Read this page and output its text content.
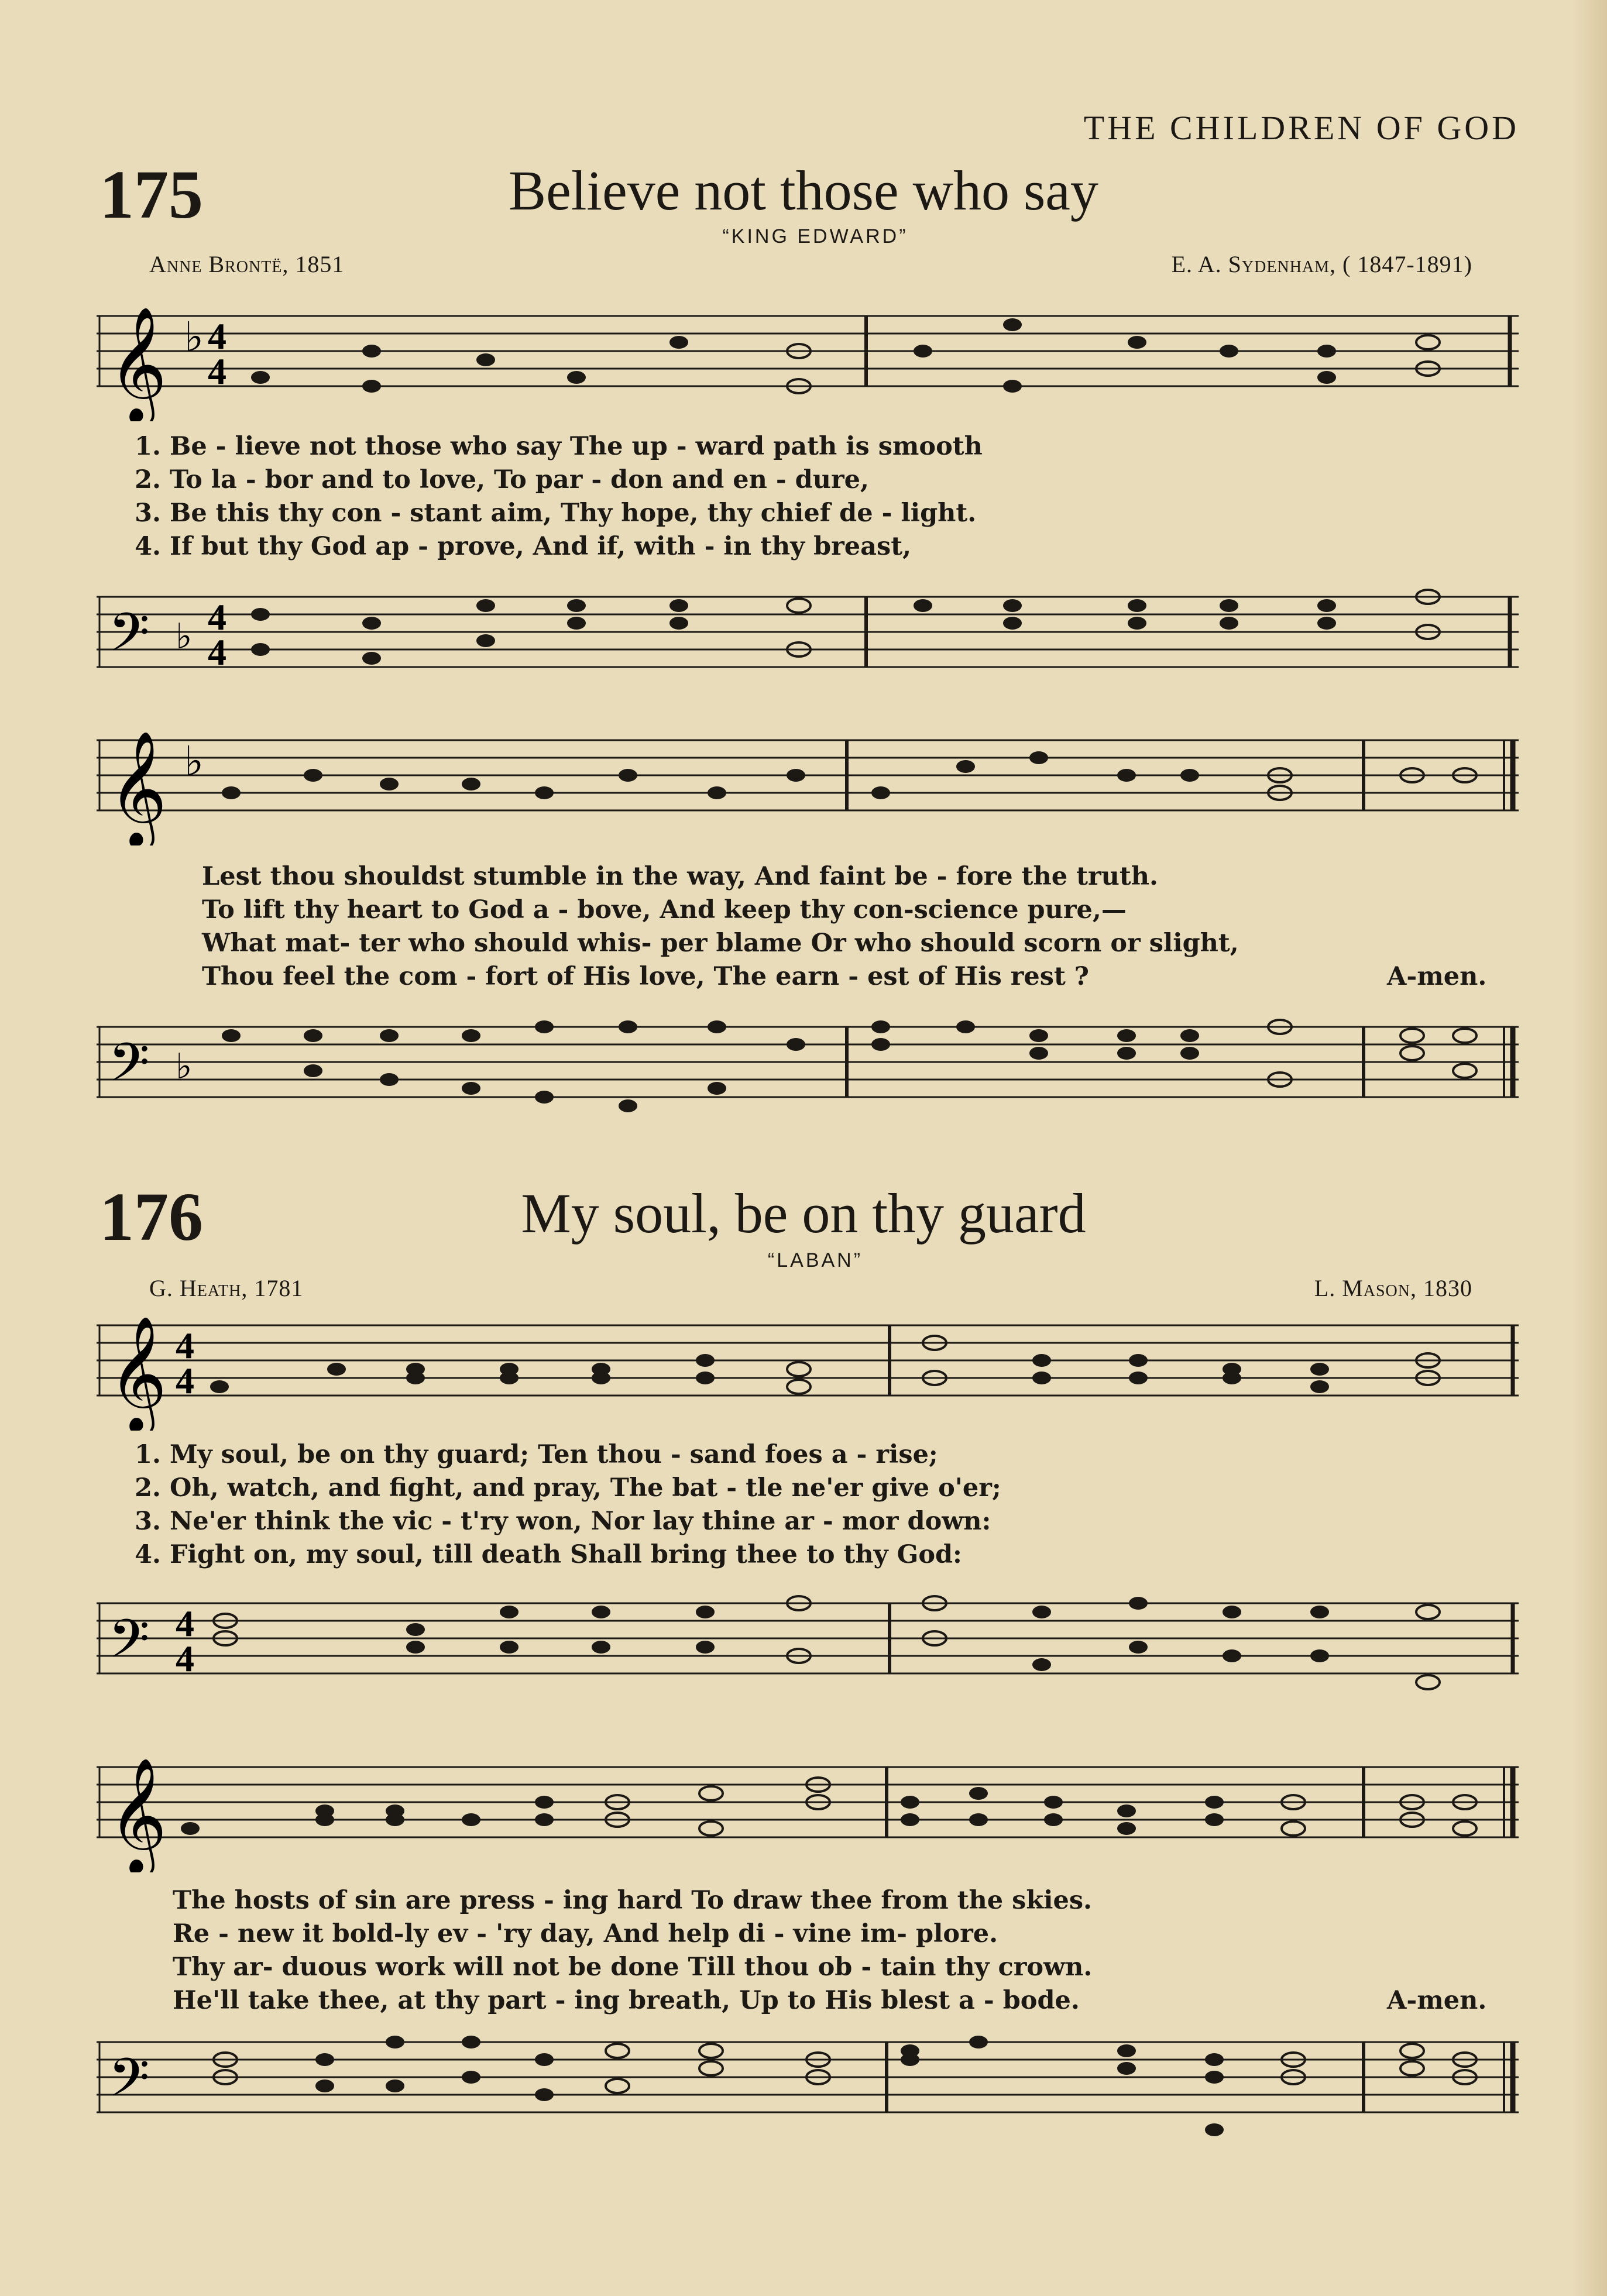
THE CHILDREN OF GOD
175	Believe not those who say
“KING EDWARD”
Anne Brontë, 1851	E. A. Sydenham, ( 1847-1891)
𝄞 ♭ 4
4
1. Be - lieve not those who say The up - ward path is smooth
2. To la - bor and to love, To par - don and en - dure,
3. Be this thy con - stant aim, Thy hope, thy chief de - light.
4. If but thy God ap - prove, And if, with - in thy breast,
𝄢 ♭ 4
4
𝄞 ♭
Lest thou shouldst stumble in the way, And faint be - fore the truth.
To lift thy heart to God a - bove, And keep thy con-science pure,—
What mat- ter who should whis- per blame Or who should scorn or slight,
Thou feel the com - fort of His love, The earn - est of His rest ?	A-men.
𝄢 ♭
176	My soul, be on thy guard
“LABAN”
G. Heath, 1781	L. Mason, 1830
𝄞 4
4
1. My soul, be on thy guard; Ten thou - sand foes a - rise;
2. Oh, watch, and fight, and pray, The bat - tle ne'er give o'er;
3. Ne'er think the vic - t'ry won, Nor lay thine ar - mor down:
4. Fight on, my soul, till death Shall bring thee to thy God:
𝄢 4
4
𝄞
The hosts of sin are press - ing hard To draw thee from the skies.
Re - new it bold-ly ev - 'ry day, And help di - vine im- plore.
Thy ar- duous work will not be done Till thou ob - tain thy crown.
He'll take thee, at thy part - ing breath, Up to His blest a - bode.	A-men.
𝄢
